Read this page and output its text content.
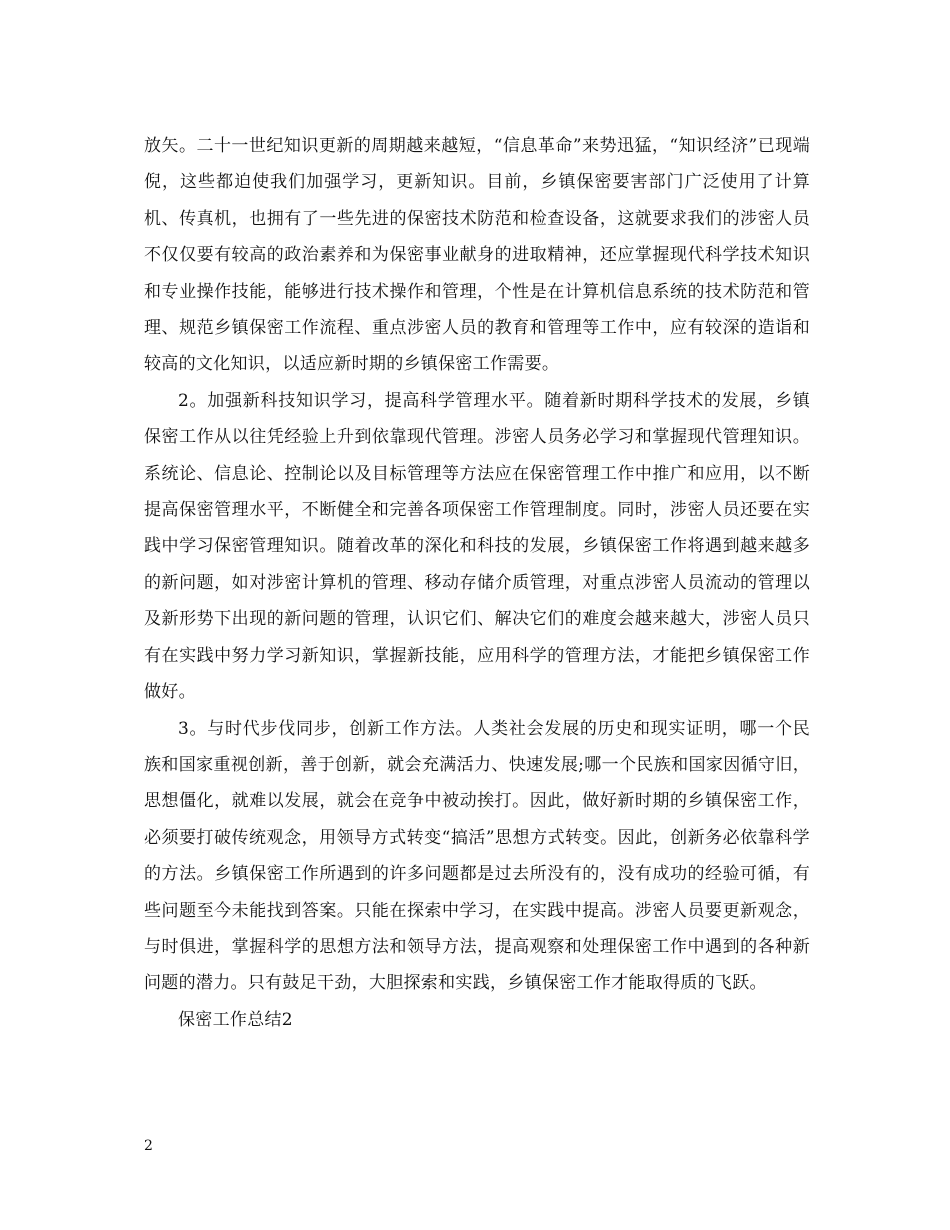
放矢。二十一世纪知识更新的周期越来越短，“信息革命”来势迅猛，“知识经济”已现端倪，这些都迫使我们加强学习，更新知识。目前，乡镇保密要害部门广泛使用了计算机、传真机，也拥有了一些先进的保密技术防范和检查设备，这就要求我们的涉密人员不仅仅要有较高的政治素养和为保密事业献身的进取精神，还应掌握现代科学技术知识和专业操作技能，能够进行技术操作和管理，个性是在计算机信息系统的技术防范和管理、规范乡镇保密工作流程、重点涉密人员的教育和管理等工作中，应有较深的造诣和较高的文化知识，以适应新时期的乡镇保密工作需要。

2。加强新科技知识学习，提高科学管理水平。随着新时期科学技术的发展，乡镇保密工作从以往凭经验上升到依靠现代管理。涉密人员务必学习和掌握现代管理知识。系统论、信息论、控制论以及目标管理等方法应在保密管理工作中推广和应用，以不断提高保密管理水平，不断健全和完善各项保密工作管理制度。同时，涉密人员还要在实践中学习保密管理知识。随着改革的深化和科技的发展，乡镇保密工作将遇到越来越多的新问题，如对涉密计算机的管理、移动存储介质管理，对重点涉密人员流动的管理以及新形势下出现的新问题的管理，认识它们、解决它们的难度会越来越大，涉密人员只有在实践中努力学习新知识，掌握新技能，应用科学的管理方法，才能把乡镇保密工作做好。

3。与时代步伐同步，创新工作方法。人类社会发展的历史和现实证明，哪一个民族和国家重视创新，善于创新，就会充满活力、快速发展;哪一个民族和国家因循守旧，思想僵化，就难以发展，就会在竞争中被动挨打。因此，做好新时期的乡镇保密工作，必须要打破传统观念，用领导方式转变“搞活”思想方式转变。因此，创新务必依靠科学的方法。乡镇保密工作所遇到的许多问题都是过去所没有的，没有成功的经验可循，有些问题至今未能找到答案。只能在探索中学习，在实践中提高。涉密人员要更新观念，与时俱进，掌握科学的思想方法和领导方法，提高观察和处理保密工作中遇到的各种新问题的潜力。只有鼓足干劲，大胆探索和实践，乡镇保密工作才能取得质的飞跃。

保密工作总结2

2
